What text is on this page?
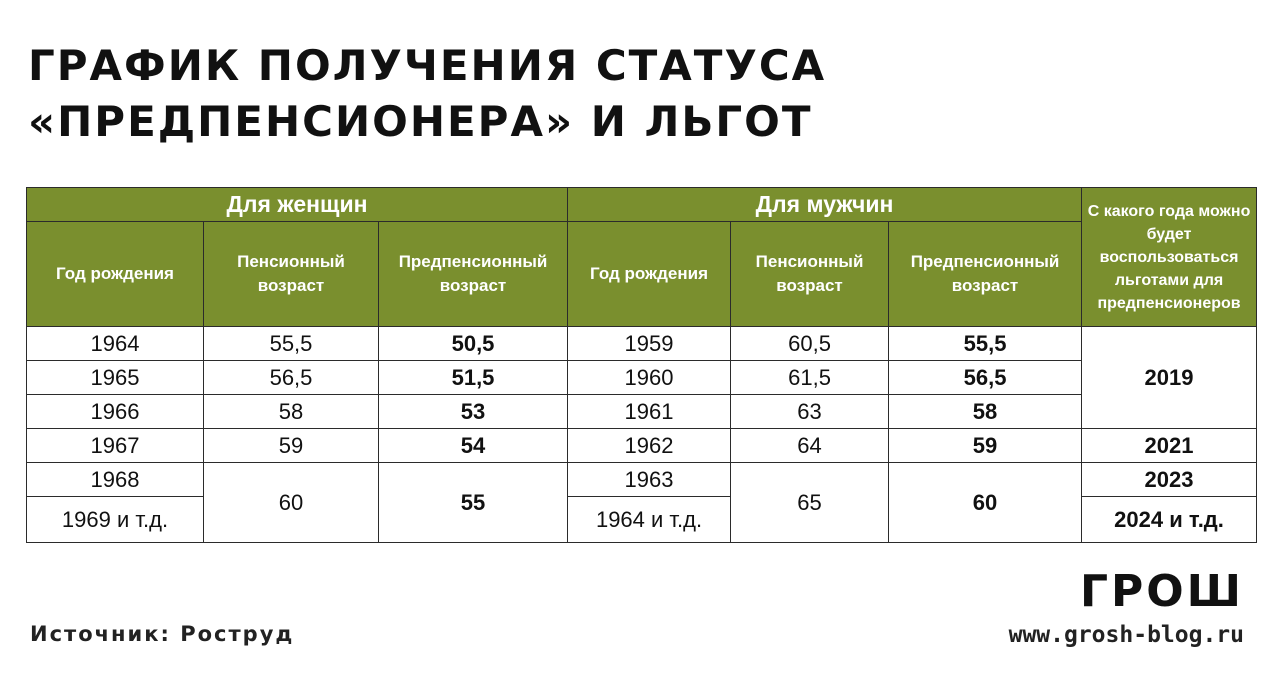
ГРАФИК ПОЛУЧЕНИЯ СТАТУСА
«ПРЕДПЕНСИОНЕРА» И ЛЬГОТ
Для женщин			Для мужчин			С какого года можно будет воспользоваться льготами для предпенсионеров
Год рождения	Пенсионный возраст	Предпенсионный возраст	Год рождения	Пенсионный возраст	Предпенсионный возраст	
1964	55,5	50,5	1959	60,5	55,5	2019
1965	56,5	51,5	1960	61,5	56,5	
1966	58	53	1961	63	58	
1967	59	54	1962	64	59	2021
1968	60	55	1963	65	60	2023
1969 и т.д.			1964 и т.д.			2024 и т.д.
Источник: Роструд
ГРОШ
www.grosh-blog.ru
